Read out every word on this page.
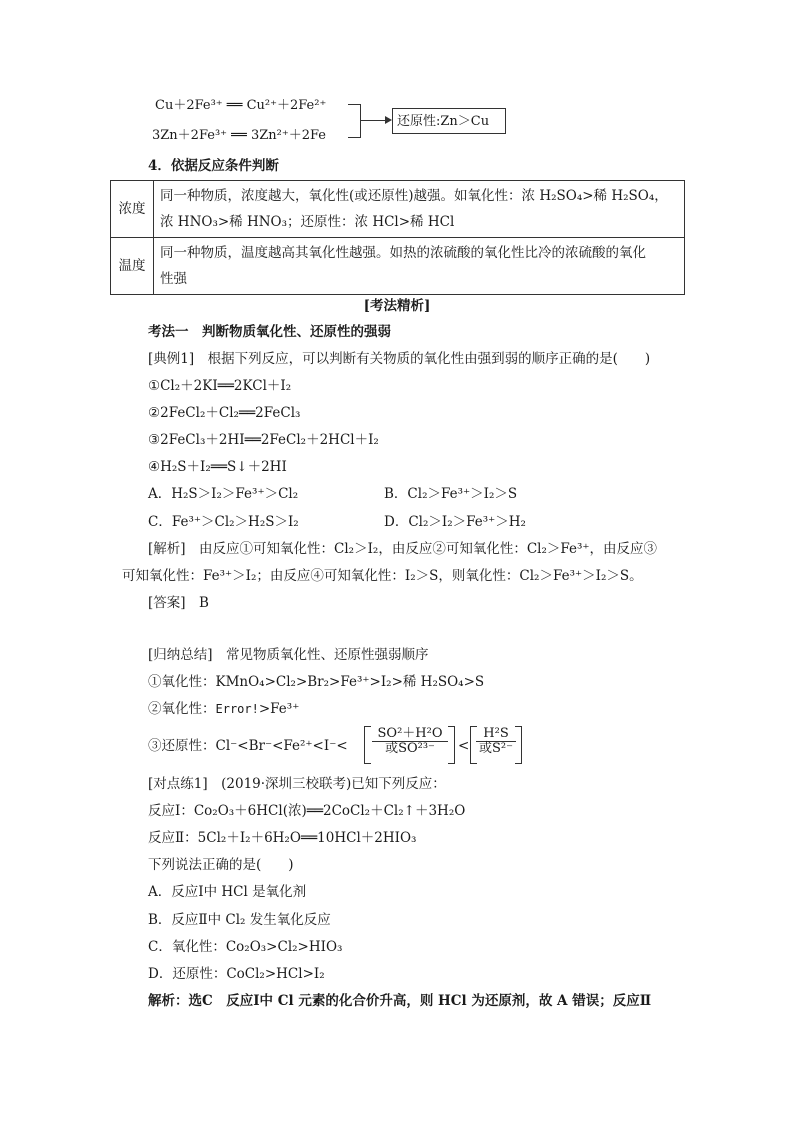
Cu＋2Fe³⁺ ══ Cu²⁺＋2Fe²⁺
3Zn＋2Fe³⁺ ══ 3Zn²⁺＋2Fe
还原性:Zn＞Cu
4．依据反应条件判断
浓度	同一种物质，浓度越大，氧化性(或还原性)越强。如氧化性：浓 H₂SO₄>稀 H₂SO₄，
浓 HNO₃>稀 HNO₃；还原性：浓 HCl>稀 HCl

温度	同一种物质，温度越高其氧化性越强。如热的浓硫酸的氧化性比冷的浓硫酸的氧化
性强
[考法精析]
考法一　判断物质氧化性、还原性的强弱
[典例1]　根据下列反应，可以判断有关物质的氧化性由强到弱的顺序正确的是(　　)
①Cl₂＋2KI══2KCl＋I₂
②2FeCl₂＋Cl₂══2FeCl₃
③2FeCl₃＋2HI══2FeCl₂＋2HCl＋I₂
④H₂S＋I₂══S↓＋2HI
A．H₂S＞I₂＞Fe³⁺＞Cl₂	B．Cl₂＞Fe³⁺＞I₂＞S
C．Fe³⁺＞Cl₂＞H₂S＞I₂	D．Cl₂＞I₂＞Fe³⁺＞H₂
[解析]　由反应①可知氧化性：Cl₂＞I₂，由反应②可知氧化性：Cl₂＞Fe³⁺，由反应③
可知氧化性：Fe³⁺＞I₂；由反应④可知氧化性：I₂＞S，则氧化性：Cl₂＞Fe³⁺＞I₂＞S。
[答案]　B
[归纳总结]　常见物质氧化性、还原性强弱顺序
①氧化性：KMnO₄>Cl₂>Br₂>Fe³⁺>I₂>稀 H₂SO₄>S
②氧化性：Error!>Fe³⁺
③还原性：Cl⁻<Br⁻<Fe²⁺<I⁻<
SO²＋H²O
或SO²³⁻	<
H²S
或S²⁻
[对点练1]　(2019·深圳三校联考)已知下列反应：
反应Ⅰ：Co₂O₃＋6HCl(浓)══2CoCl₂＋Cl₂↑＋3H₂O
反应Ⅱ：5Cl₂＋I₂＋6H₂O══10HCl＋2HIO₃
下列说法正确的是(　　)
A．反应Ⅰ中 HCl 是氧化剂
B．反应Ⅱ中 Cl₂ 发生氧化反应
C．氧化性：Co₂O₃>Cl₂>HIO₃
D．还原性：CoCl₂>HCl>I₂
解析：选C　反应Ⅰ中 Cl 元素的化合价升高，则 HCl 为还原剂，故 A 错误；反应Ⅱ
